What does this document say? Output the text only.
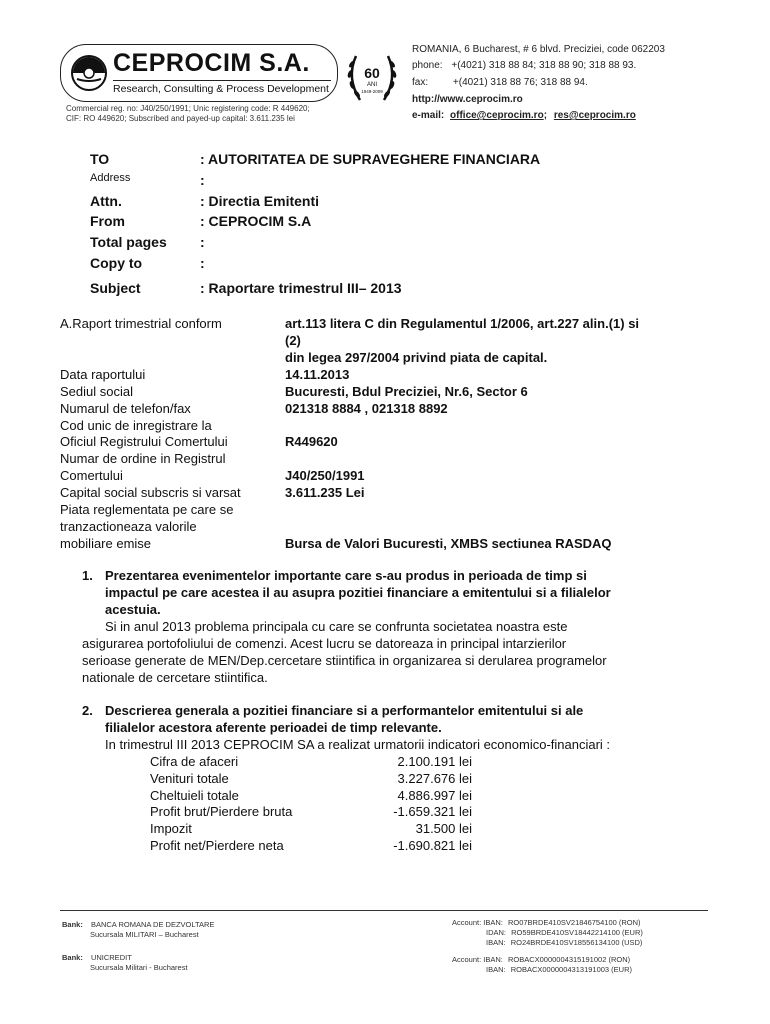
CEPROCIM S.A.
Research, Consulting & Process Development
Commercial reg. no: J40/250/1991; Unic registering code: R 449620;
CIF: RO 449620; Subscribed and payed-up capital: 3.611.235 lei
60
ANI
1949-2009
ROMANIA, 6 Bucharest, # 6 blvd. Preciziei, code 062203
phone: +(4021) 318 88 84; 318 88 90; 318 88 93.
fax: +(4021) 318 88 76; 318 88 94.
http://www.ceprocim.ro
e-mail: office@ceprocim.ro; res@ceprocim.ro
TO	: AUTORITATEA DE SUPRAVEGHERE FINANCIARA
Address	:
Attn.	: Directia Emitenti
From	: CEPROCIM S.A
Total pages :
Copy to	:
Subject	: Raportare trimestrul III– 2013
A.Raport trimestrial conform	art.113 litera C din Regulamentul 1/2006, art.227 alin.(1) si
(2)
din legea 297/2004 privind piata de capital.
Data raportului	14.11.2013
Sediul social	Bucuresti, Bdul Preciziei, Nr.6, Sector 6
Numarul de telefon/fax	021318 8884 , 021318 8892
Cod unic de inregistrare la
Oficiul Registrului Comertului	R449620
Numar de ordine in Registrul
Comertului	J40/250/1991
Capital social subscris si varsat	3.611.235 Lei
Piata reglementata pe care se
tranzactioneaza valorile
mobiliare emise	Bursa de Valori Bucuresti, XMBS sectiunea RASDAQ
1. Prezentarea evenimentelor importante care s-au produs in perioada de timp si
impactul pe care acestea il au asupra pozitiei financiare a emitentului si a filialelor
acestuia.
Si in anul 2013 problema principala cu care se confrunta societatea noastra este
asigurarea portofoliului de comenzi. Acest lucru se datoreaza in principal intarzierilor
serioase generate de MEN/Dep.cercetare stiintifica in organizarea si derularea programelor
nationale de cercetare stiintifica.
2. Descrierea generala a pozitiei financiare si a performantelor emitentului si ale
filialelor acestora aferente perioadei de timp relevante.
In trimestrul III 2013 CEPROCIM SA a realizat urmatorii indicatori economico-financiari :
Cifra de afaceri	2.100.191 lei
Venituri totale	3.227.676 lei
Cheltuieli totale	4.886.997 lei
Profit brut/Pierdere bruta	-1.659.321 lei
Impozit	31.500 lei
Profit net/Pierdere neta	-1.690.821 lei
Bank: BANCA ROMANA DE DEZVOLTARE
Sucursala MILITARI – Bucharest
Bank: UNICREDIT
Sucursala Militari - Bucharest
Account: IBAN: RO07BRDE410SV21846754100 (RON)
IDAN: RO59BRDE410SV18442214100 (EUR)
IBAN: RO24BRDE410SV18556134100 (USD)
Account: IBAN: ROBACX0000004315191002 (RON)
IBAN: ROBACX0000004313191003 (EUR)
